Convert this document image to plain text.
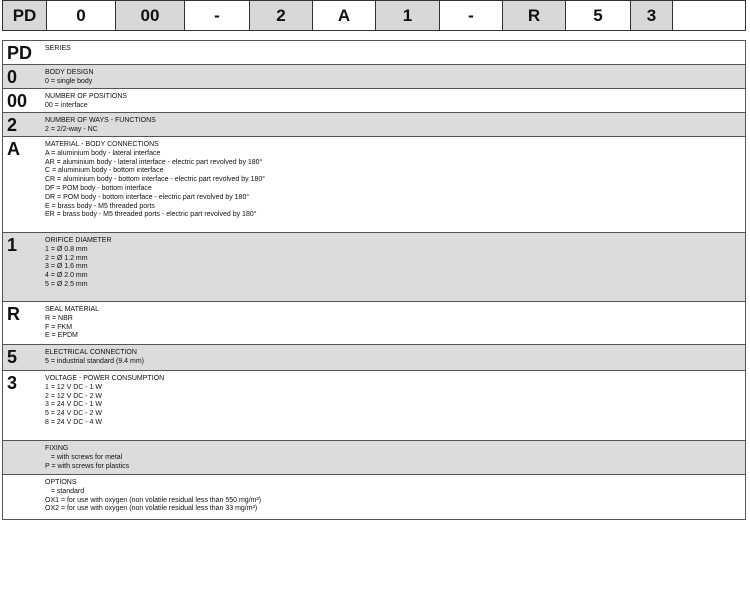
PD	0	00	-	2	A	1	-	R	5	3
PD	SERIES
0	BODY DESIGN
0 = single body
00	NUMBER OF POSITIONS
00 = interface
2	NUMBER OF WAYS - FUNCTIONS
2 = 2/2-way - NC
A	MATERIAL - BODY CONNECTIONS
A = aluminium body - lateral interface
AR = aluminium body - lateral interface - electric part revolved by 180°
C = aluminium body - bottom interface
CR = aluminium body - bottom interface - electric part revolved by 180°
DF = POM body - bottom interface
DR = POM body - bottom interface - electric part revolved by 180°
E = brass body - M5 threaded ports
ER = brass body - M5 threaded ports - electric part revolved by 180°
1	ORIFICE DIAMETER
1 = Ø 0.8 mm
2 = Ø 1.2 mm
3 = Ø 1.6 mm
4 = Ø 2.0 mm
5 = Ø 2.5 mm
R	SEAL MATERIAL
R = NBR
F = FKM
E = EPDM
5	ELECTRICAL CONNECTION
5 = industrial standard (9.4 mm)
3	VOLTAGE - POWER CONSUMPTION
1 = 12 V DC - 1 W
2 = 12 V DC - 2 W
3 = 24 V DC - 1 W
5 = 24 V DC - 2 W
8 = 24 V DC - 4 W
FIXING
= with screws for metal
P = with screws for plastics
OPTIONS
= standard
OX1 = for use with oxygen (non volatile residual less than 550 mg/m²)
OX2 = for use with oxygen (non volatile residual less than 33 mg/m²)
